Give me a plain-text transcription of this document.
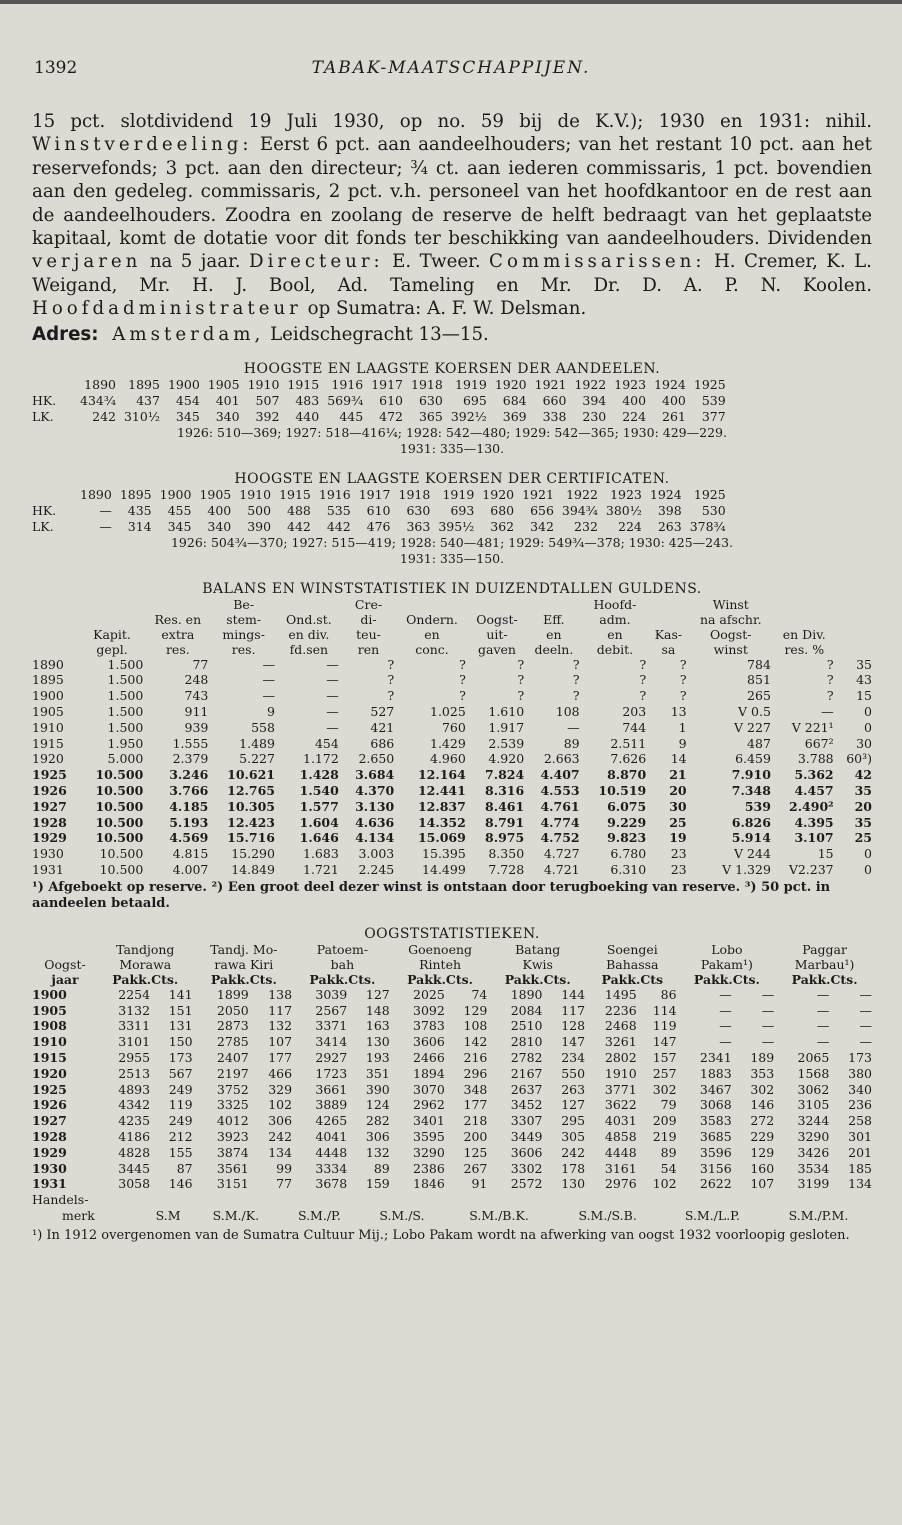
1392	TABAK-MAATSCHAPPIJEN.

15 pct. slotdividend 19 Juli 1930, op no. 59 bij de K.V.); 1930 en 1931: nihil. Winstverdeeling: Eerst 6 pct. aan aandeelhouders; van het restant 10 pct. aan het reservefonds; 3 pct. aan den directeur; ¾ ct. aan iederen commissaris, 1 pct. bovendien aan den gedeleg. commissaris, 2 pct. v.h. personeel van het hoofdkantoor en de rest aan de aandeelhouders. Zoodra en zoolang de reserve de helft bedraagt van het geplaatste kapitaal, komt de dotatie voor dit fonds ter beschikking van aandeelhouders. Dividenden verjaren na 5 jaar. Directeur: E. Tweer. Commissarissen: H. Cremer, K. L. Weigand, Mr. H. J. Bool, Ad. Tameling en Mr. Dr. D. A. P. N. Koolen. Hoofdadministrateur op Sumatra: A. F. W. Delsman.

Adres: Amsterdam, Leidschegracht 13—15.
HOOGSTE EN LAAGSTE KOERSEN DER AANDEELEN.
	1890	1895	1900	1905	1910	1915	1916	1917	1918	1919	1920	1921	1922	1923	1924	1925
HK.	434¾	437	454	401	507	483	569¾	610	630	695	684	660	394	400	400	539
LK.	242	310½	345	340	392	440	445	472	365	392½	369	338	230	224	261	377
1926: 510—369; 1927: 518—416¼; 1928: 542—480; 1929: 542—365; 1930: 429—229.
1931: 335—130.
HOOGSTE EN LAAGSTE KOERSEN DER CERTIFICATEN.
	1890	1895	1900	1905	1910	1915	1916	1917	1918	1919	1920	1921	1922	1923	1924	1925
HK.	—	435	455	400	500	488	535	610	630	693	680	656	394¾	380½	398	530
LK.	—	314	345	340	390	442	442	476	363	395½	362	342	232	224	263	378¾
1926: 504¾—370; 1927: 515—419; 1928: 540—481; 1929: 549¾—378; 1930: 425—243.
1931: 335—150.
BALANS EN WINSTSTATISTIEK IN DUIZENDTALLEN GULDENS.
			Be-		Cre-				Hoofd-		Winst		
		Res. en	stem-	Ond.st.	di-	Ondern.	Oogst-	Eff.	adm.		na afschr.		
	Kapit.	extra	mings-	en div.	teu-	en	uit-	en	en	Kas-	Oogst-	en Div.	
	gepl.	res.	res.	fd.sen	ren	conc.	gaven	deeln.	debit.	sa	winst	res. %	
1890	1.500	77	—	—	?	?	?	?	?	?	784	?	35
1895	1.500	248	—	—	?	?	?	?	?	?	851	?	43
1900	1.500	743	—	—	?	?	?	?	?	?	265	?	15
1905	1.500	911	9	—	527	1.025	1.610	108	203	13	V 0.5	—	0
1910	1.500	939	558	—	421	760	1.917	—	744	1	V 227	V 221¹	0
1915	1.950	1.555	1.489	454	686	1.429	2.539	89	2.511	9	487	667²	30
1920	5.000	2.379	5.227	1.172	2.650	4.960	4.920	2.663	7.626	14	6.459	3.788	60³)
1925	10.500	3.246	10.621	1.428	3.684	12.164	7.824	4.407	8.870	21	7.910	5.362	42
1926	10.500	3.766	12.765	1.540	4.370	12.441	8.316	4.553	10.519	20	7.348	4.457	35
1927	10.500	4.185	10.305	1.577	3.130	12.837	8.461	4.761	6.075	30	539	2.490²	20
1928	10.500	5.193	12.423	1.604	4.636	14.352	8.791	4.774	9.229	25	6.826	4.395	35
1929	10.500	4.569	15.716	1.646	4.134	15.069	8.975	4.752	9.823	19	5.914	3.107	25
1930	10.500	4.815	15.290	1.683	3.003	15.395	8.350	4.727	6.780	23	V 244	15	0
1931	10.500	4.007	14.849	1.721	2.245	14.499	7.728	4.721	6.310	23	V 1.329	V2.237	0
¹) Afgeboekt op reserve. ²) Een groot deel dezer winst is ontstaan door terugboeking van reserve. ³) 50 pct. in aandeelen betaald.
OOGSTSTATISTIEKEN.
	Tandjong		Tandj. Mo-		Patoem-		Goenoeng		Batang		Soengei		Lobo		Paggar	
Oogst-	Morawa		rawa Kiri		bah		Rinteh		Kwis		Bahassa		Pakam¹)		Marbau¹)	
jaar	Pakk.Cts.		Pakk.Cts.		Pakk.Cts.		Pakk.Cts.		Pakk.Cts.		Pakk.Cts		Pakk.Cts.		Pakk.Cts.	
1900	2254	141	1899	138	3039	127	2025	74	1890	144	1495	86	—	—	—	—
1905	3132	151	2050	117	2567	148	3092	129	2084	117	2236	114	—	—	—	—
1908	3311	131	2873	132	3371	163	3783	108	2510	128	2468	119	—	—	—	—
1910	3101	150	2785	107	3414	130	3606	142	2810	147	3261	147	—	—	—	—
1915	2955	173	2407	177	2927	193	2466	216	2782	234	2802	157	2341	189	2065	173
1920	2513	567	2197	466	1723	351	1894	296	2167	550	1910	257	1883	353	1568	380
1925	4893	249	3752	329	3661	390	3070	348	2637	263	3771	302	3467	302	3062	340
1926	4342	119	3325	102	3889	124	2962	177	3452	127	3622	79	3068	146	3105	236
1927	4235	249	4012	306	4265	282	3401	218	3307	295	4031	209	3583	272	3244	258
1928	4186	212	3923	242	4041	306	3595	200	3449	305	4858	219	3685	229	3290	301
1929	4828	155	3874	134	4448	132	3290	125	3606	242	4448	89	3596	129	3426	201
1930	3445	87	3561	99	3334	89	2386	267	3302	178	3161	54	3156	160	3534	185
1931	3058	146	3151	77	3678	159	1846	91	2572	130	2976	102	2622	107	3199	134
Handels-
merk	S.M	S.M./K.	S.M./P.	S.M./S.	S.M./B.K.	S.M./S.B.	S.M./L.P.	S.M./P.M.
¹) In 1912 overgenomen van de Sumatra Cultuur Mij.; Lobo Pakam wordt na afwerking van oogst 1932 voorloopig gesloten.
